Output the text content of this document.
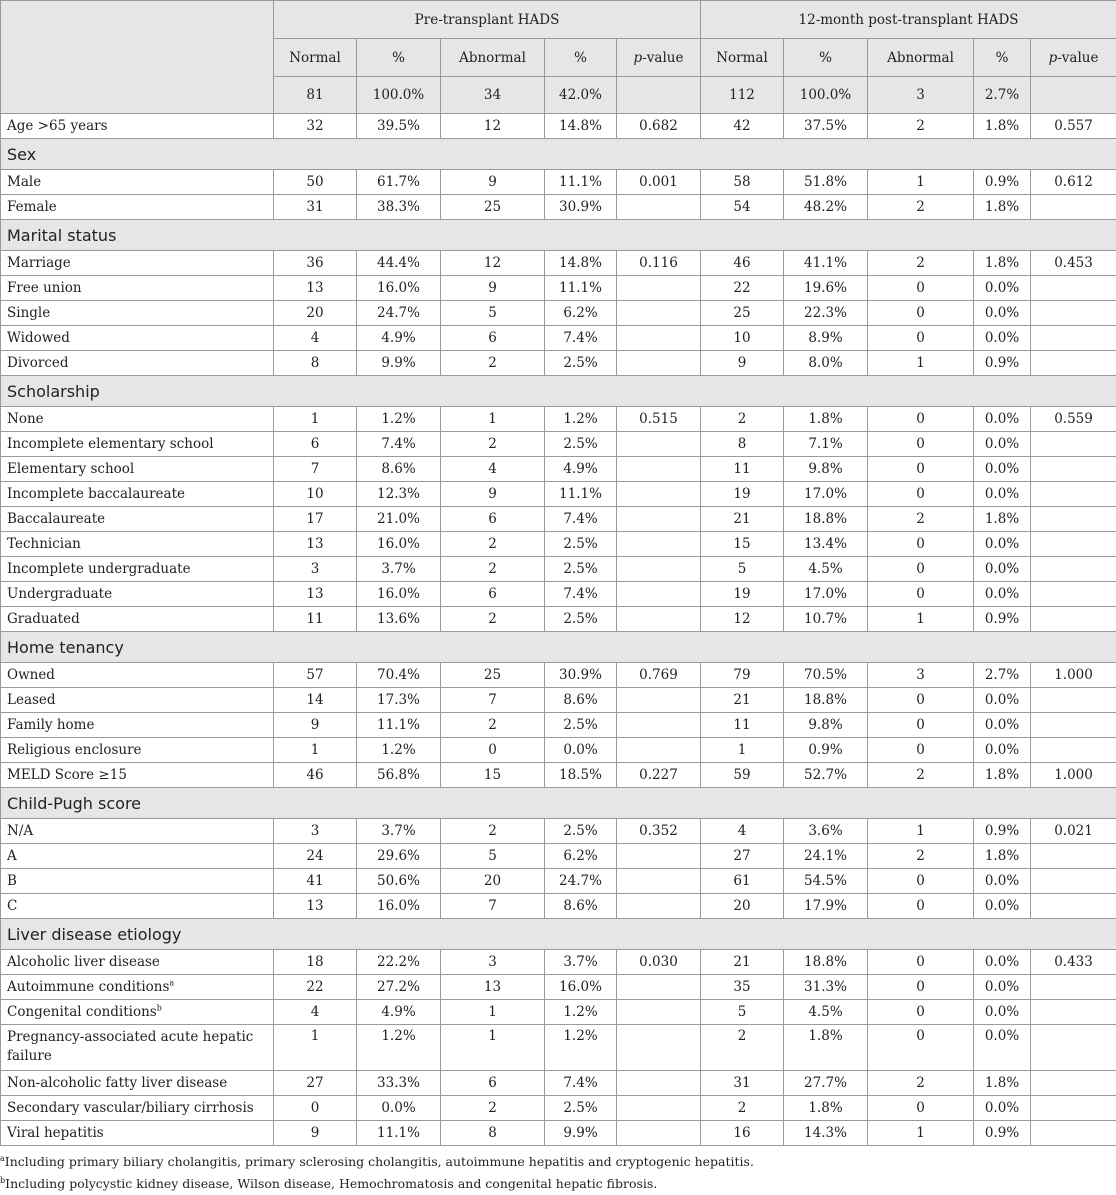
	Pre-transplant HADS					12-month post-transplant HADS				
	Normal	%	Abnormal	%	p-value	Normal	%	Abnormal	%	p-value
	81	100.0%	34	42.0%		112	100.0%	3	2.7%	
Age >65 years	32	39.5%	12	14.8%	0.682	42	37.5%	2	1.8%	0.557
Sex										
Male	50	61.7%	9	11.1%	0.001	58	51.8%	1	0.9%	0.612
Female	31	38.3%	25	30.9%		54	48.2%	2	1.8%	
Marital status										
Marriage	36	44.4%	12	14.8%	0.116	46	41.1%	2	1.8%	0.453
Free union	13	16.0%	9	11.1%		22	19.6%	0	0.0%	
Single	20	24.7%	5	6.2%		25	22.3%	0	0.0%	
Widowed	4	4.9%	6	7.4%		10	8.9%	0	0.0%	
Divorced	8	9.9%	2	2.5%		9	8.0%	1	0.9%	
Scholarship										
None	1	1.2%	1	1.2%	0.515	2	1.8%	0	0.0%	0.559
Incomplete elementary school	6	7.4%	2	2.5%		8	7.1%	0	0.0%	
Elementary school	7	8.6%	4	4.9%		11	9.8%	0	0.0%	
Incomplete baccalaureate	10	12.3%	9	11.1%		19	17.0%	0	0.0%	
Baccalaureate	17	21.0%	6	7.4%		21	18.8%	2	1.8%	
Technician	13	16.0%	2	2.5%		15	13.4%	0	0.0%	
Incomplete undergraduate	3	3.7%	2	2.5%		5	4.5%	0	0.0%	
Undergraduate	13	16.0%	6	7.4%		19	17.0%	0	0.0%	
Graduated	11	13.6%	2	2.5%		12	10.7%	1	0.9%	
Home tenancy										
Owned	57	70.4%	25	30.9%	0.769	79	70.5%	3	2.7%	1.000
Leased	14	17.3%	7	8.6%		21	18.8%	0	0.0%	
Family home	9	11.1%	2	2.5%		11	9.8%	0	0.0%	
Religious enclosure	1	1.2%	0	0.0%		1	0.9%	0	0.0%	
MELD Score ≥15	46	56.8%	15	18.5%	0.227	59	52.7%	2	1.8%	1.000
Child-Pugh score										
N/A	3	3.7%	2	2.5%	0.352	4	3.6%	1	0.9%	0.021
A	24	29.6%	5	6.2%		27	24.1%	2	1.8%	
B	41	50.6%	20	24.7%		61	54.5%	0	0.0%	
C	13	16.0%	7	8.6%		20	17.9%	0	0.0%	
Liver disease etiology										
Alcoholic liver disease	18	22.2%	3	3.7%	0.030	21	18.8%	0	0.0%	0.433
Autoimmune conditions$^a$	22	27.2%	13	16.0%		35	31.3%	0	0.0%	
Congenital conditions$^b$	4	4.9%	1	1.2%		5	4.5%	0	0.0%	
Pregnancy-associated acute hepatic failure	1	1.2%	1	1.2%		2	1.8%	0	0.0%	
Non-alcoholic fatty liver disease	27	33.3%	6	7.4%		31	27.7%	2	1.8%	
Secondary vascular/biliary cirrhosis	0	0.0%	2	2.5%		2	1.8%	0	0.0%	
Viral hepatitis	9	11.1%	8	9.9%		16	14.3%	1	0.9%	
$^a$Including primary biliary cholangitis, primary sclerosing cholangitis, autoimmune hepatitis and cryptogenic hepatitis.
$^b$Including polycystic kidney disease, Wilson disease, Hemochromatosis and congenital hepatic fibrosis.
